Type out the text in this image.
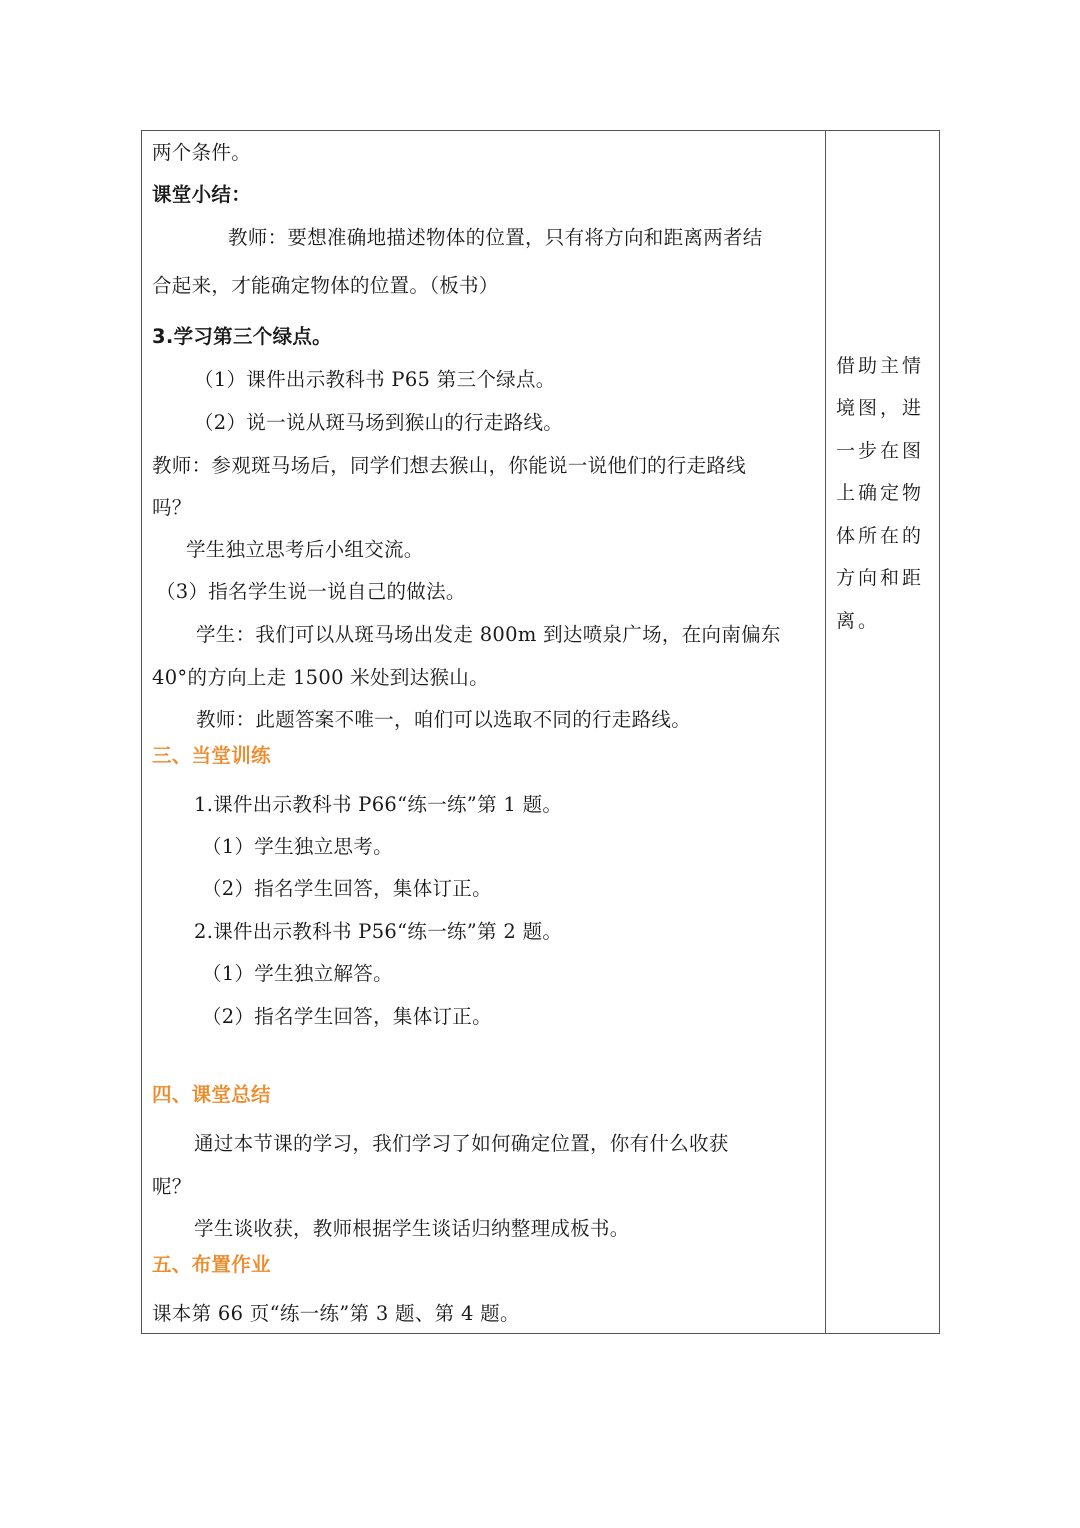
两个条件。
课堂小结：
教师：要想准确地描述物体的位置，只有将方向和距离两者结
合起来，才能确定物体的位置。（板书）
3.学习第三个绿点。
（1）课件出示教科书 P65 第三个绿点。
（2）说一说从斑马场到猴山的行走路线。
教师：参观斑马场后，同学们想去猴山，你能说一说他们的行走路线
吗？
学生独立思考后小组交流。
（3）指名学生说一说自己的做法。
学生：我们可以从斑马场出发走 800m 到达喷泉广场，在向南偏东
40°的方向上走 1500 米处到达猴山。
教师：此题答案不唯一，咱们可以选取不同的行走路线。
三、当堂训练
1.课件出示教科书 P66“练一练”第 1 题。
（1）学生独立思考。
（2）指名学生回答，集体订正。
2.课件出示教科书 P56“练一练”第 2 题。
（1）学生独立解答。
（2）指名学生回答，集体订正。
四、课堂总结
通过本节课的学习，我们学习了如何确定位置，你有什么收获
呢？
学生谈收获，教师根据学生谈话归纳整理成板书。
五、布置作业
课本第 66 页“练一练”第 3 题、第 4 题。
借助主情
境图，进
一步在图
上确定物
体所在的
方向和距
离。
